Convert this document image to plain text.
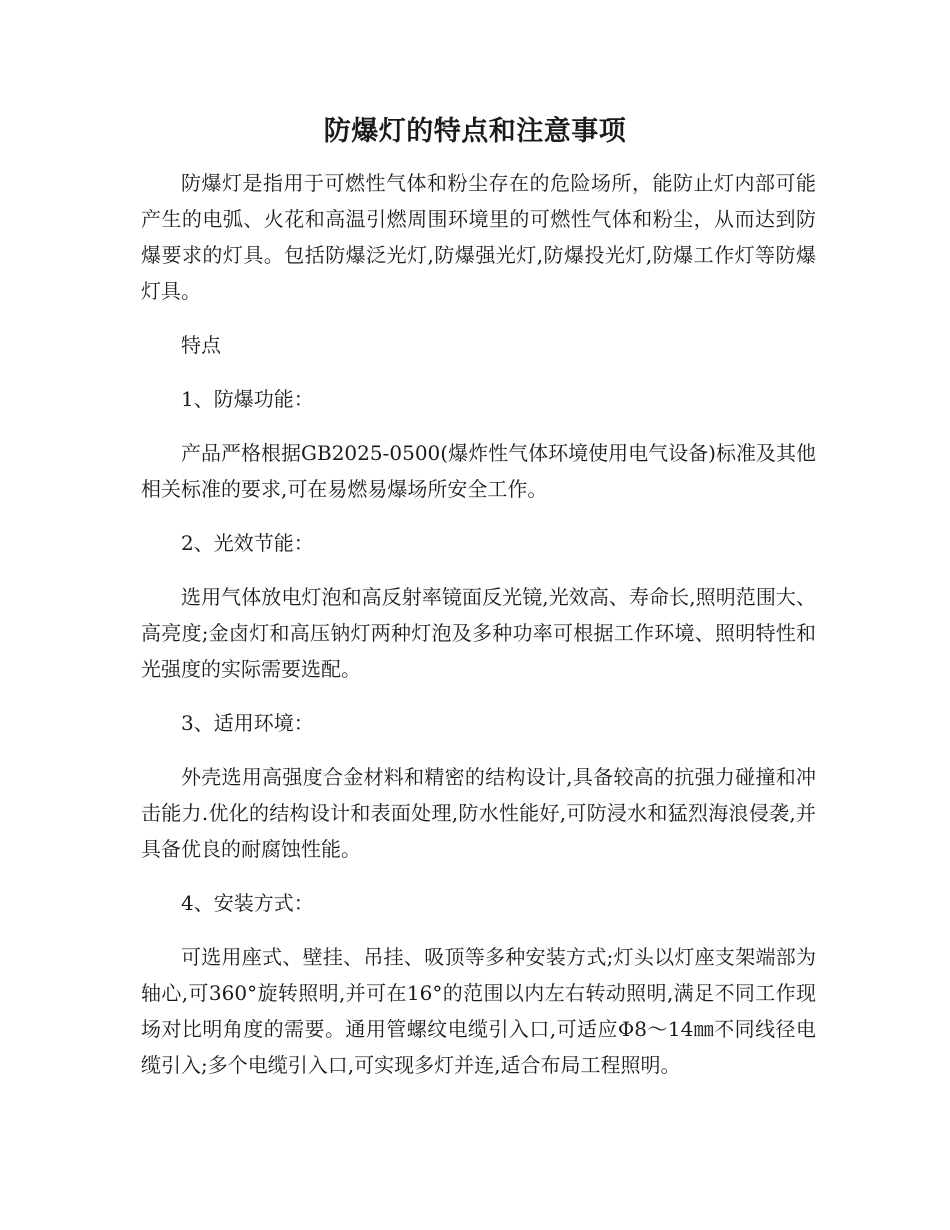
防爆灯的特点和注意事项

防爆灯是指用于可燃性气体和粉尘存在的危险场所，能防止灯内部可能产生的电弧、火花和高温引燃周围环境里的可燃性气体和粉尘，从而达到防爆要求的灯具。包括防爆泛光灯,防爆强光灯,防爆投光灯,防爆工作灯等防爆灯具。

特点

1、防爆功能：

产品严格根据GB2025-0500(爆炸性气体环境使用电气设备)标准及其他相关标准的要求,可在易燃易爆场所安全工作。

2、光效节能：

选用气体放电灯泡和高反射率镜面反光镜,光效高、寿命长,照明范围大、高亮度;金卤灯和高压钠灯两种灯泡及多种功率可根据工作环境、照明特性和光强度的实际需要选配。

3、适用环境：

外壳选用高强度合金材料和精密的结构设计,具备较高的抗强力碰撞和冲击能力.优化的结构设计和表面处理,防水性能好,可防浸水和猛烈海浪侵袭,并具备优良的耐腐蚀性能。

4、安装方式：

可选用座式、壁挂、吊挂、吸顶等多种安装方式;灯头以灯座支架端部为轴心,可360°旋转照明,并可在16°的范围以内左右转动照明,满足不同工作现场对比明角度的需要。通用管螺纹电缆引入口,可适应Φ8～14㎜不同线径电缆引入;多个电缆引入口,可实现多灯并连,适合布局工程照明。
